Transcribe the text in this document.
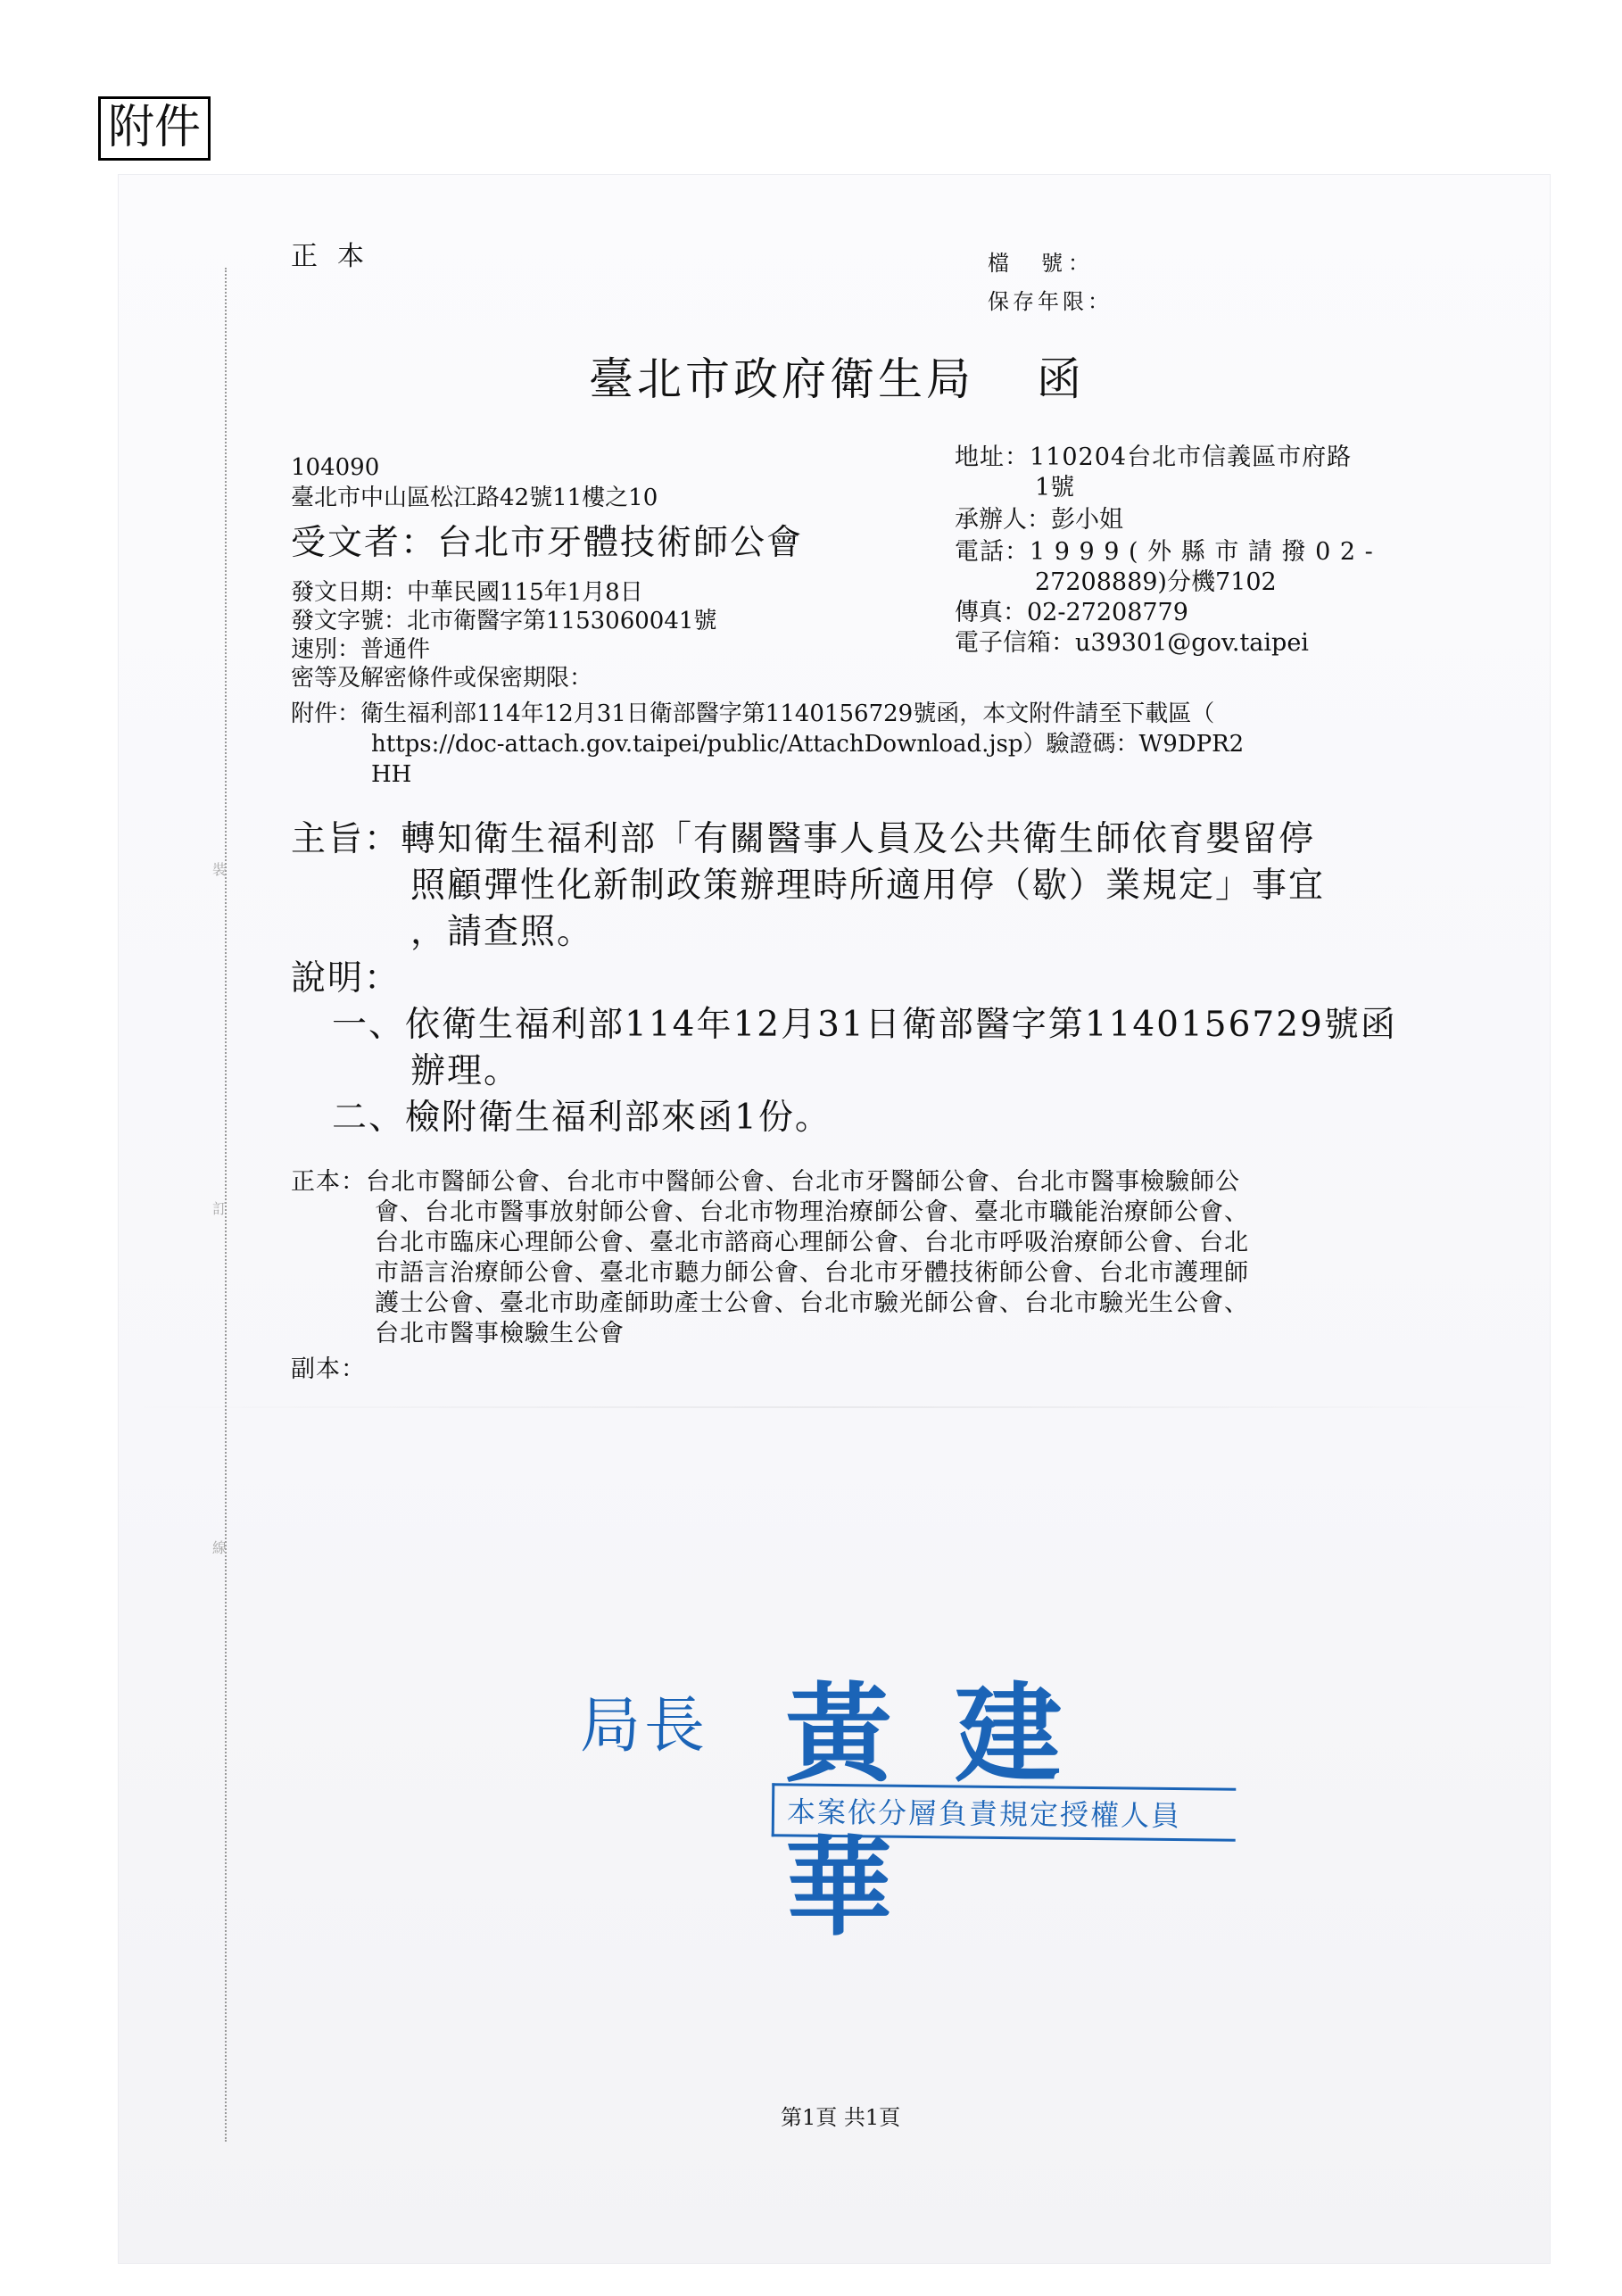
附件
裝
訂
線
正本	檔　號：
保存年限：
臺北市政府衛生局 函
104090
臺北市中山區松江路42號11樓之10
受文者：台北市牙體技術師公會
地址：110204台北市信義區市府路
1號
承辦人：彭小姐
電話：1 9 9 9 ( 外 縣 市 請 撥 0 2 -
27208889)分機7102
傳真：02-27208779
電子信箱：u39301@gov.taipei
發文日期：中華民國115年1月8日
發文字號：北市衛醫字第1153060041號
速別：普通件
密等及解密條件或保密期限：
附件：衛生福利部114年12月31日衛部醫字第1140156729號函，本文附件請至下載區（
https://doc-attach.gov.taipei/public/AttachDownload.jsp）驗證碼：W9DPR2
HH
主旨：轉知衛生福利部「有關醫事人員及公共衛生師依育嬰留停
照顧彈性化新制政策辦理時所適用停（歇）業規定」事宜
，請查照。
說明：
一、依衛生福利部114年12月31日衛部醫字第1140156729號函
辦理。
二、檢附衛生福利部來函1份。
正本：台北市醫師公會、台北市中醫師公會、台北市牙醫師公會、台北市醫事檢驗師公
會、台北市醫事放射師公會、台北市物理治療師公會、臺北市職能治療師公會、
台北市臨床心理師公會、臺北市諮商心理師公會、台北市呼吸治療師公會、台北
市語言治療師公會、臺北市聽力師公會、台北市牙體技術師公會、台北市護理師
護士公會、臺北市助產師助產士公會、台北市驗光師公會、台北市驗光生公會、
台北市醫事檢驗生公會
副本：
局長 黃建華
本案依分層負責規定授權人員
第1頁 共1頁
